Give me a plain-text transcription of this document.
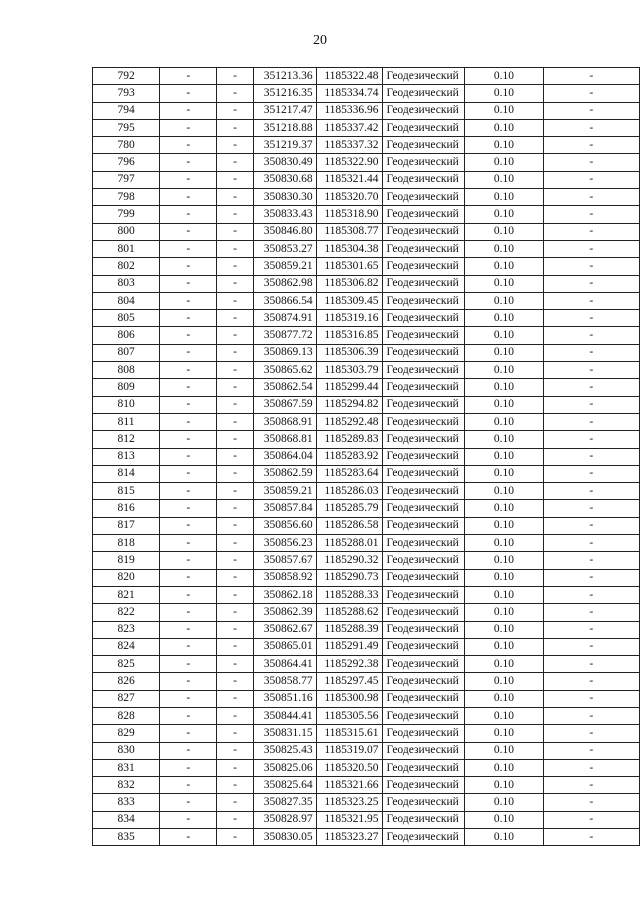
20
792	-	-	351213.36	1185322.48	Геодезический	0.10	-
793	-	-	351216.35	1185334.74	Геодезический	0.10	-
794	-	-	351217.47	1185336.96	Геодезический	0.10	-
795	-	-	351218.88	1185337.42	Геодезический	0.10	-
780	-	-	351219.37	1185337.32	Геодезический	0.10	-
796	-	-	350830.49	1185322.90	Геодезический	0.10	-
797	-	-	350830.68	1185321.44	Геодезический	0.10	-
798	-	-	350830.30	1185320.70	Геодезический	0.10	-
799	-	-	350833.43	1185318.90	Геодезический	0.10	-
800	-	-	350846.80	1185308.77	Геодезический	0.10	-
801	-	-	350853.27	1185304.38	Геодезический	0.10	-
802	-	-	350859.21	1185301.65	Геодезический	0.10	-
803	-	-	350862.98	1185306.82	Геодезический	0.10	-
804	-	-	350866.54	1185309.45	Геодезический	0.10	-
805	-	-	350874.91	1185319.16	Геодезический	0.10	-
806	-	-	350877.72	1185316.85	Геодезический	0.10	-
807	-	-	350869.13	1185306.39	Геодезический	0.10	-
808	-	-	350865.62	1185303.79	Геодезический	0.10	-
809	-	-	350862.54	1185299.44	Геодезический	0.10	-
810	-	-	350867.59	1185294.82	Геодезический	0.10	-
811	-	-	350868.91	1185292.48	Геодезический	0.10	-
812	-	-	350868.81	1185289.83	Геодезический	0.10	-
813	-	-	350864.04	1185283.92	Геодезический	0.10	-
814	-	-	350862.59	1185283.64	Геодезический	0.10	-
815	-	-	350859.21	1185286.03	Геодезический	0.10	-
816	-	-	350857.84	1185285.79	Геодезический	0.10	-
817	-	-	350856.60	1185286.58	Геодезический	0.10	-
818	-	-	350856.23	1185288.01	Геодезический	0.10	-
819	-	-	350857.67	1185290.32	Геодезический	0.10	-
820	-	-	350858.92	1185290.73	Геодезический	0.10	-
821	-	-	350862.18	1185288.33	Геодезический	0.10	-
822	-	-	350862.39	1185288.62	Геодезический	0.10	-
823	-	-	350862.67	1185288.39	Геодезический	0.10	-
824	-	-	350865.01	1185291.49	Геодезический	0.10	-
825	-	-	350864.41	1185292.38	Геодезический	0.10	-
826	-	-	350858.77	1185297.45	Геодезический	0.10	-
827	-	-	350851.16	1185300.98	Геодезический	0.10	-
828	-	-	350844.41	1185305.56	Геодезический	0.10	-
829	-	-	350831.15	1185315.61	Геодезический	0.10	-
830	-	-	350825.43	1185319.07	Геодезический	0.10	-
831	-	-	350825.06	1185320.50	Геодезический	0.10	-
832	-	-	350825.64	1185321.66	Геодезический	0.10	-
833	-	-	350827.35	1185323.25	Геодезический	0.10	-
834	-	-	350828.97	1185321.95	Геодезический	0.10	-
835	-	-	350830.05	1185323.27	Геодезический	0.10	-
